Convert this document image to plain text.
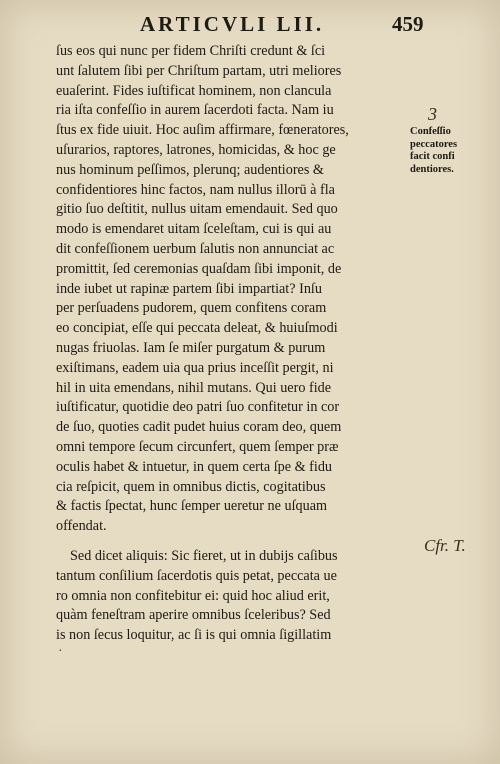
ARTICVLI LII.	459
ſus eos qui nunc per fidem Chriſti credunt & ſci
unt ſalutem ſibi per Chriſtum partam, utri meliores
euaſerint. Fides iuſtificat hominem, non clancula
ria iſta confeſſio in aurem ſacerdoti facta. Nam iu
ſtus ex fide uiuit. Hoc auſim affirmare, fœneratores,
uſurarios, raptores, latrones, homicidas, & hoc ge
nus hominum peſſimos, plerunq; audentiores &
confidentiores hinc factos, nam nullus illorū à fla
gitio ſuo deſtitit, nullus uitam emendauit. Sed quo
modo is emendaret uitam ſceleſtam, cui is qui au
dit confeſſionem uerbum ſalutis non annunciat ac
promittit, ſed ceremonias quaſdam ſibi imponit, de
inde iubet ut rapinæ partem ſibi impartiat? Inſu
per perſuadens pudorem, quem confitens coram
eo concipiat, eſſe qui peccata deleat, & huiuſmodi
nugas friuolas. Iam ſe miſer purgatum & purum
exiſtimans, eadem uia qua prius inceſſit pergit, ni
hil in uita emendans, nihil mutans. Qui uero fide
iuſtificatur, quotidie deo patri ſuo confitetur in cor
de ſuo, quoties cadit pudet huius coram deo, quem
omni tempore ſecum circunfert, quem ſemper præ
oculis habet & intuetur, in quem certa ſpe & fidu
cia reſpicit, quem in omnibus dictis, cogitatibus
& factis ſpectat, hunc ſemper ueretur ne uſquam
offendat.
Sed dicet aliquis: Sic fieret, ut in dubijs caſibus
tantum conſilium ſacerdotis quis petat, peccata ue
ro omnia non confitebitur ei: quid hoc aliud erit,
quàm feneſtram aperire omnibus ſceleribus? Sed
is non ſecus loquitur, ac ſi is qui omnia ſigillatim
3
Confeſſio
peccatores
facit confi
dentiores.
Cfr. T.
·
